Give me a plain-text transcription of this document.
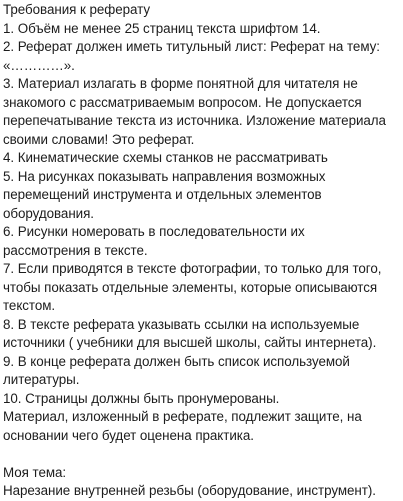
Требования к реферату
1. Объём не менее 25 страниц текста шрифтом 14.
2. Реферат должен иметь титульный лист: Реферат на тему:
«…………».
3. Материал излагать в форме понятной для читателя не
знакомого с рассматриваемым вопросом. Не допускается
перепечатывание текста из источника. Изложение материала
своими словами! Это реферат.
4. Кинематические схемы станков не рассматривать
5. На рисунках показывать направления возможных
перемещений инструмента и отдельных элементов
оборудования.
6. Рисунки номеровать в последовательности их
рассмотрения в тексте.
7. Если приводятся в тексте фотографии, то только для того,
чтобы показать отдельные элементы, которые описываются
текстом.
8. В тексте реферата указывать ссылки на используемые
источники ( учебники для высшей школы, сайты интернета).
9. В конце реферата должен быть список используемой
литературы.
10. Страницы должны быть пронумерованы.
Материал, изложенный в реферате, подлежит защите, на
основании чего будет оценена практика.
Моя тема:
Нарезание внутренней резьбы (оборудование, инструмент).
